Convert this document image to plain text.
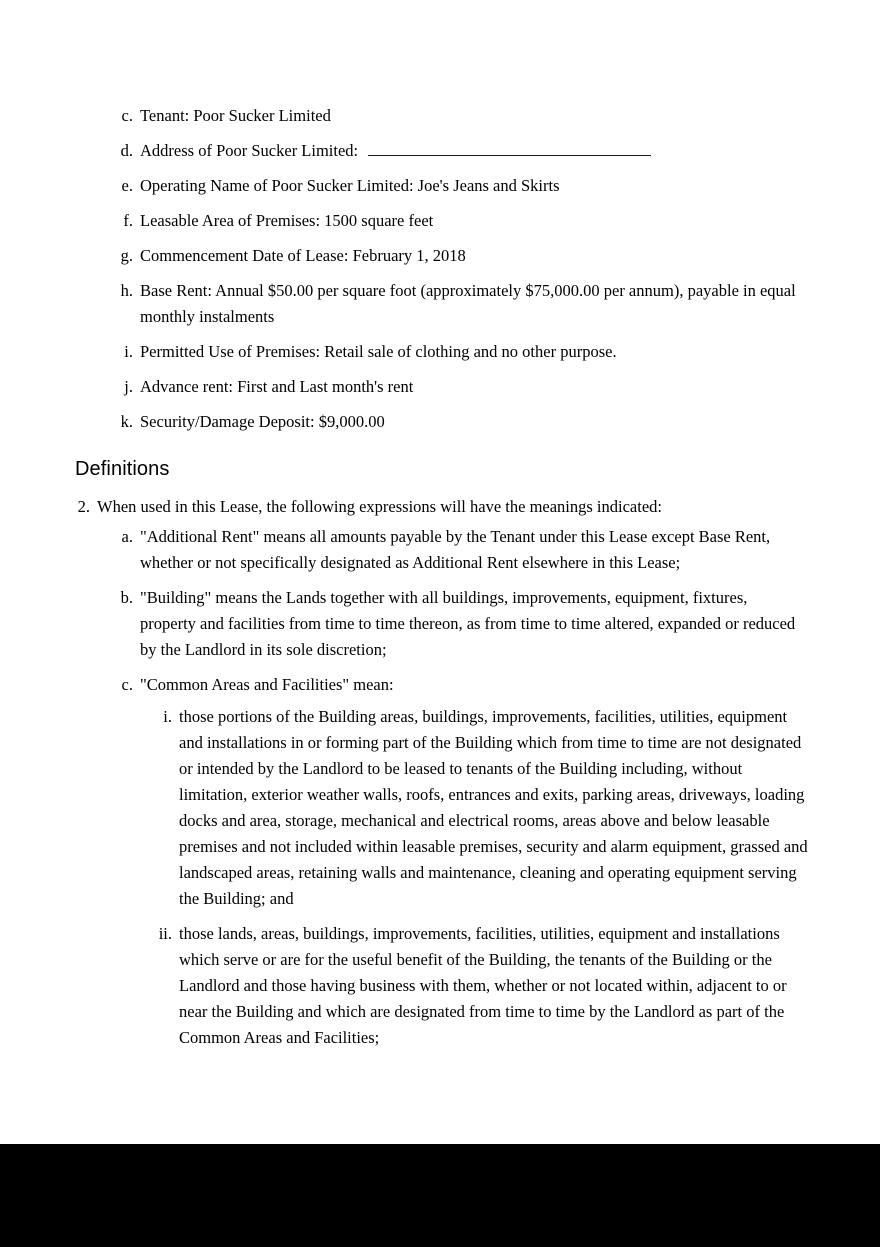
c. Tenant: Poor Sucker Limited
d. Address of Poor Sucker Limited:
e. Operating Name of Poor Sucker Limited: Joe's Jeans and Skirts
f. Leasable Area of Premises: 1500 square feet
g. Commencement Date of Lease: February 1, 2018
h. Base Rent: Annual $50.00 per square foot (approximately $75,000.00 per annum), payable in equal monthly instalments
i. Permitted Use of Premises: Retail sale of clothing and no other purpose.
j. Advance rent: First and Last month's rent
k. Security/Damage Deposit: $9,000.00
Definitions
2. When used in this Lease, the following expressions will have the meanings indicated:
a. "Additional Rent" means all amounts payable by the Tenant under this Lease except Base Rent, whether or not specifically designated as Additional Rent elsewhere in this Lease;
b. "Building" means the Lands together with all buildings, improvements, equipment, fixtures, property and facilities from time to time thereon, as from time to time altered, expanded or reduced by the Landlord in its sole discretion;
c. "Common Areas and Facilities" mean:
i. those portions of the Building areas, buildings, improvements, facilities, utilities, equipment and installations in or forming part of the Building which from time to time are not designated or intended by the Landlord to be leased to tenants of the Building including, without limitation, exterior weather walls, roofs, entrances and exits, parking areas, driveways, loading docks and area, storage, mechanical and electrical rooms, areas above and below leasable premises and not included within leasable premises, security and alarm equipment, grassed and landscaped areas, retaining walls and maintenance, cleaning and operating equipment serving the Building; and
ii. those lands, areas, buildings, improvements, facilities, utilities, equipment and installations which serve or are for the useful benefit of the Building, the tenants of the Building or the Landlord and those having business with them, whether or not located within, adjacent to or near the Building and which are designated from time to time by the Landlord as part of the Common Areas and Facilities;
